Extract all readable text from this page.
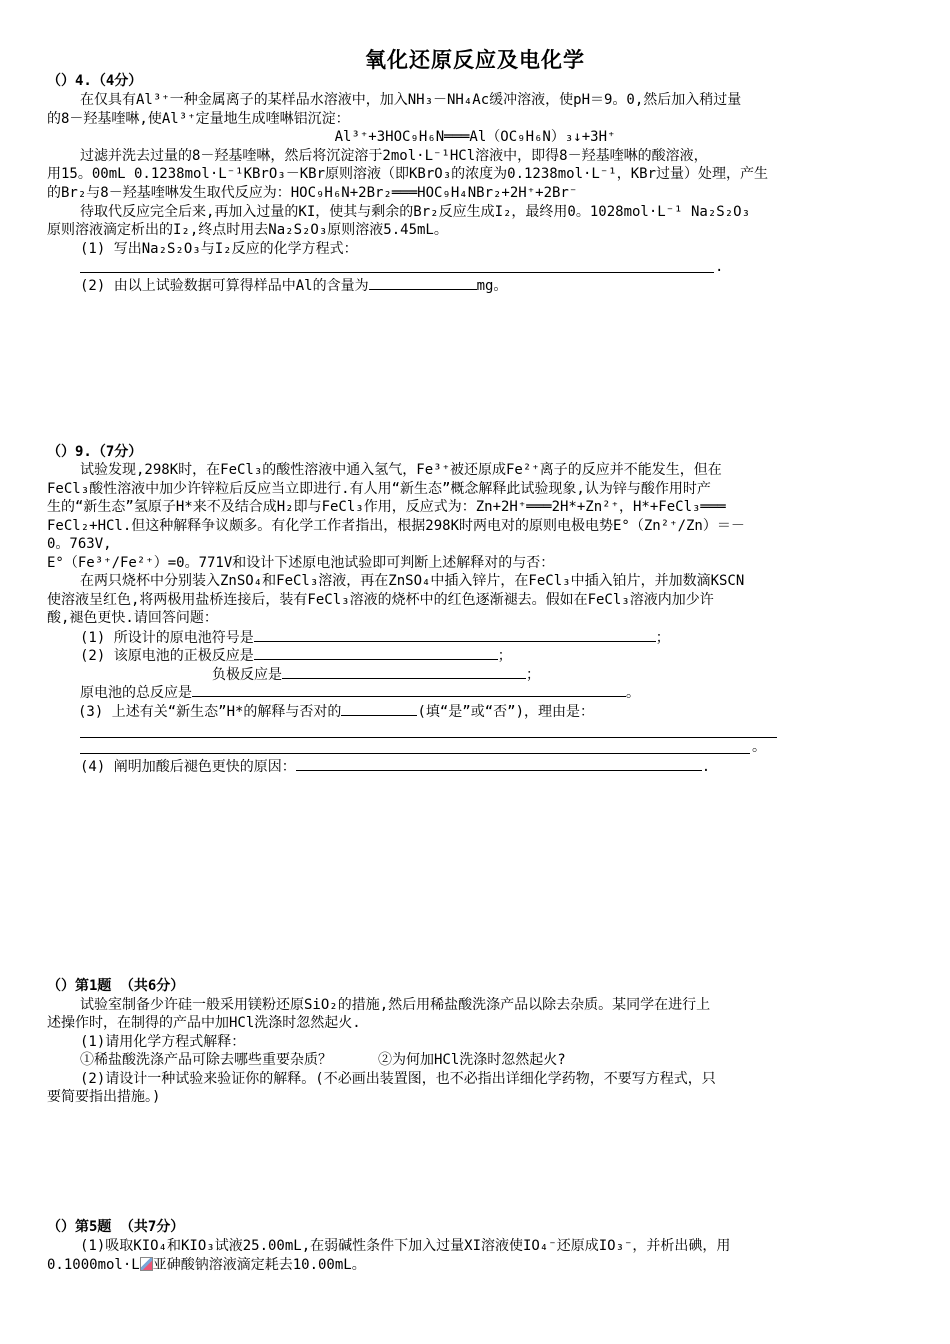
氧化还原反应及电化学
（）4.（4分）
在仅具有Al³⁺一种金属离子的某样品水溶液中，加入NH₃－NH₄Ac缓冲溶液，使pH＝9。0,然后加入稍过量
的8－羟基喹啉,使Al³⁺定量地生成喹啉铝沉淀：
Al³⁺+3HOC₉H₆N═══Al（OC₉H₆N）₃↓+3H⁺
过滤并洗去过量的8－羟基喹啉，然后将沉淀溶于2mol·L⁻¹HCl溶液中，即得8－羟基喹啉的酸溶液，
用15。00mL 0.1238mol·L⁻¹KBrO₃－KBr原则溶液（即KBrO₃的浓度为0.1238mol·L⁻¹，KBr过量）处理，产生
的Br₂与8－羟基喹啉发生取代反应为：HOC₉H₆N+2Br₂═══HOC₉H₄NBr₂+2H⁺+2Br⁻
待取代反应完全后来,再加入过量的KI，使其与剩余的Br₂反应生成I₂，最终用0。1028mol·L⁻¹ Na₂S₂O₃
原则溶液滴定析出的I₂,终点时用去Na₂S₂O₃原则溶液5.45mL。
(1) 写出Na₂S₂O₃与I₂反应的化学方程式：
.
(2) 由以上试验数据可算得样品中Al的含量为	mg。
（）9.（7分）
试验发现,298K时，在FeCl₃的酸性溶液中通入氢气，Fe³⁺被还原成Fe²⁺离子的反应并不能发生，但在
FeCl₃酸性溶液中加少许锌粒后反应当立即进行.有人用“新生态”概念解释此试验现象,认为锌与酸作用时产
生的“新生态”氢原子H*来不及结合成H₂即与FeCl₃作用，反应式为：Zn+2H⁺═══2H*+Zn²⁺，H*+FeCl₃═══
FeCl₂+HCl.但这种解释争议颇多。有化学工作者指出，根据298K时两电对的原则电极电势E°（Zn²⁺/Zn）＝－
0。763V,
E°（Fe³⁺/Fe²⁺）=0。771V和设计下述原电池试验即可判断上述解释对的与否：
在两只烧杯中分别装入ZnSO₄和FeCl₃溶液，再在ZnSO₄中插入锌片，在FeCl₃中插入铂片，并加数滴KSCN
使溶液呈红色,将两极用盐桥连接后，装有FeCl₃溶液的烧杯中的红色逐渐褪去。假如在FeCl₃溶液内加少许
酸,褪色更快.请回答问题：
(1) 所设计的原电池符号是	；
(2) 该原电池的正极反应是	；
负极反应是	；
原电池的总反应是	。
(3) 上述有关“新生态”H*的解释与否对的	(填“是”或“否”)，理由是：
。
(4) 阐明加酸后褪色更快的原因：	.
（）第1题 （共6分）
试验室制备少许硅一般采用镁粉还原SiO₂的措施,然后用稀盐酸洗涤产品以除去杂质。某同学在进行上
述操作时，在制得的产品中加HCl洗涤时忽然起火.
(1)请用化学方程式解释：
①稀盐酸洗涤产品可除去哪些重要杂质？	②为何加HCl洗涤时忽然起火?
(2)请设计一种试验来验证你的解释。(不必画出装置图，也不必指出详细化学药物，不要写方程式，只
要简要指出措施。)
（）第5题 （共7分）
(1)吸取KIO₄和KIO₃试液25.00mL,在弱碱性条件下加入过量XI溶液使IO₄⁻还原成IO₃⁻，并析出碘，用
0.1000mol·L 亚砷酸钠溶液滴定耗去10.00mL。
